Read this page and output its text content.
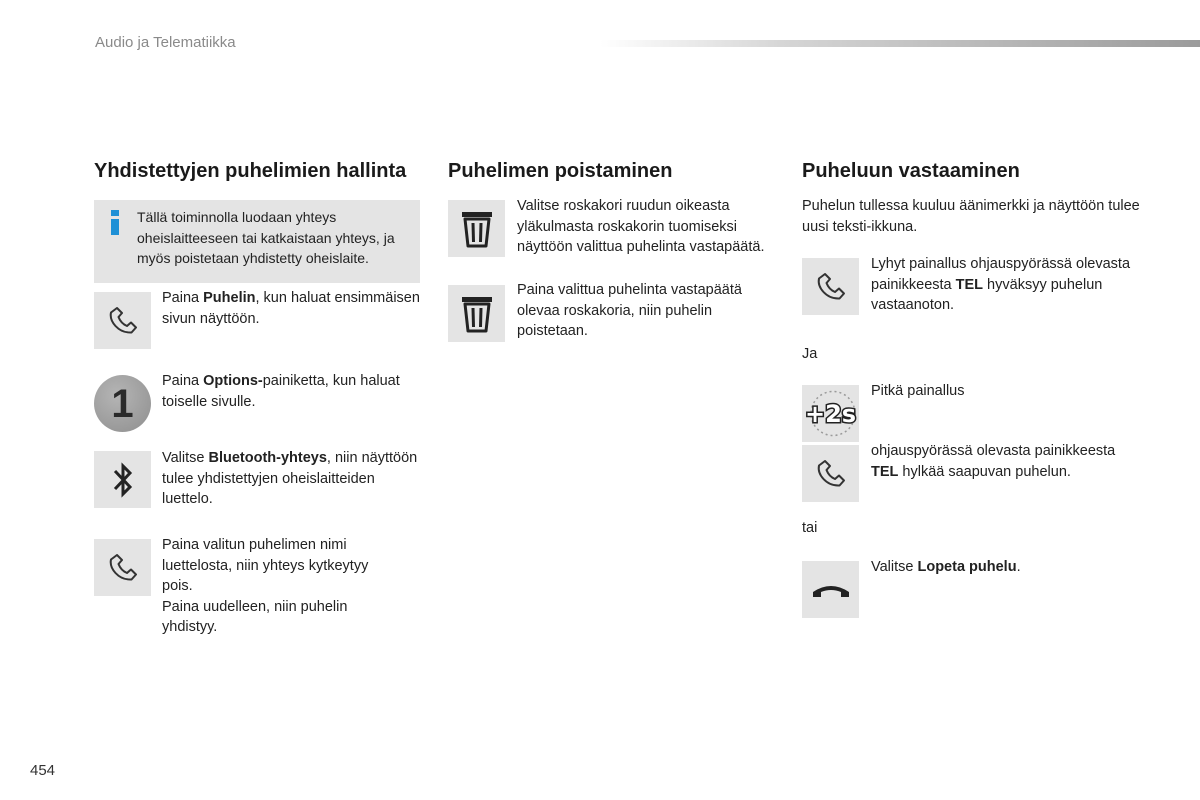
Audio ja Telematiikka
Yhdistettyjen puhelimien hallinta
Tällä toiminnolla luodaan yhteys oheislaitteeseen tai katkaistaan yhteys, ja myös poistetaan yhdistetty oheislaite.
Paina Puhelin, kun haluat ensimmäisen sivun näyttöön.
1
Paina Options-painiketta, kun haluat toiselle sivulle.
Valitse Bluetooth-yhteys, niin näyttöön tulee yhdistettyjen oheislaitteiden luettelo.
Paina valitun puhelimen nimi luettelosta, niin yhteys kytkeytyy pois.
Paina uudelleen, niin puhelin yhdistyy.
Puhelimen poistaminen
Valitse roskakori ruudun oikeasta yläkulmasta roskakorin tuomiseksi näyttöön valittua puhelinta vastapäätä.
Paina valittua puhelinta vastapäätä olevaa roskakoria, niin puhelin poistetaan.
Puheluun vastaaminen
Puhelun tullessa kuuluu äänimerkki ja näyttöön tulee uusi teksti-ikkuna.
Lyhyt painallus ohjauspyörässä olevasta painikkeesta TEL hyväksyy puhelun vastaanoton.
Ja
+2s
Pitkä painallus
ohjauspyörässä olevasta painikkeesta TEL hylkää saapuvan puhelun.
tai
Valitse Lopeta puhelu.
454
